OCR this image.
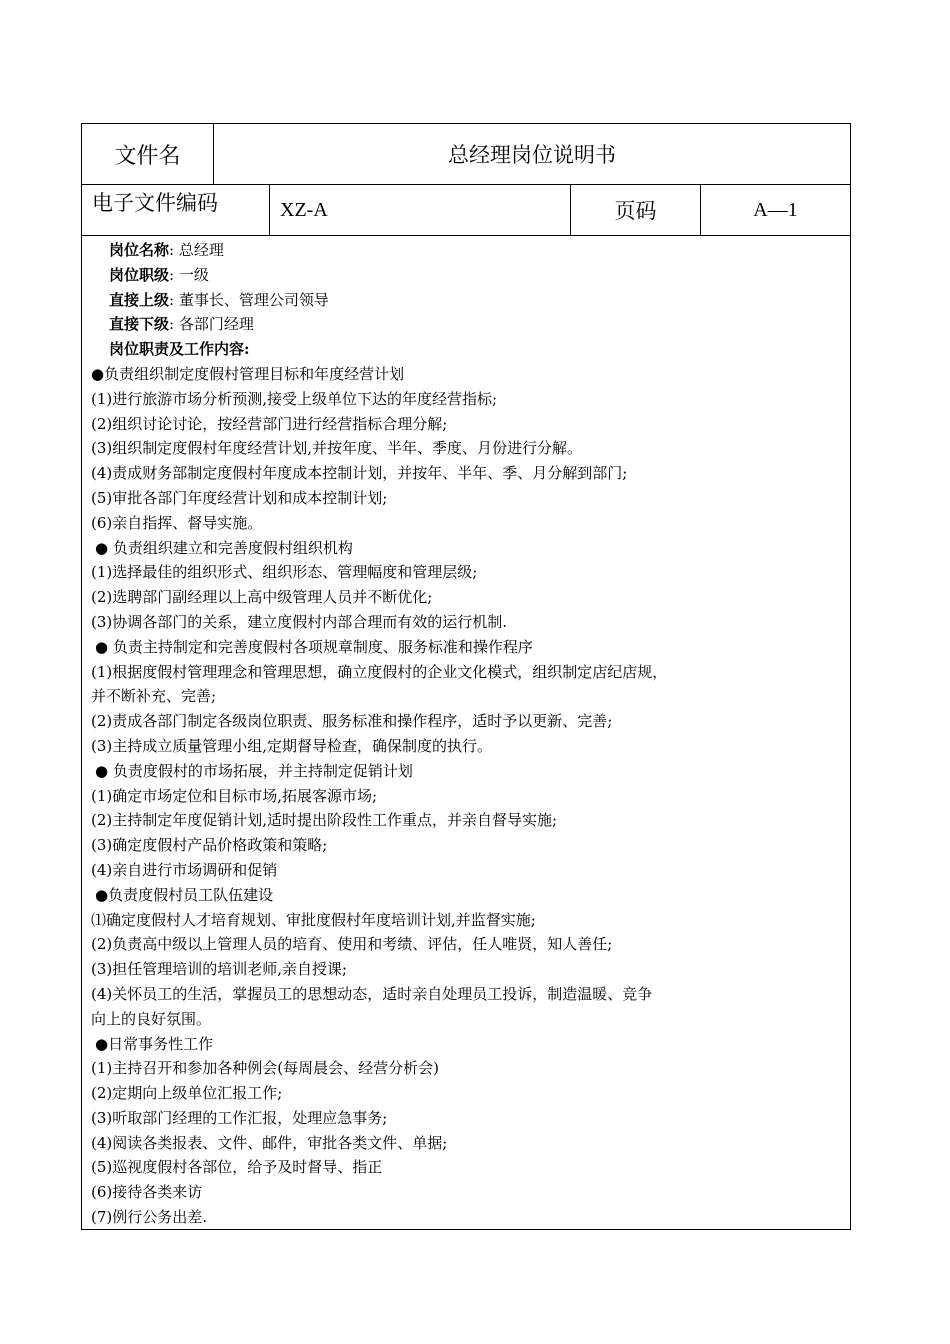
文件名	总经理岗位说明书
电子文件编码	XZ-A	页码	A—1
岗位名称: 总经理
岗位职级: 一级
直接上级: 董事长、管理公司领导
直接下级: 各部门经理
岗位职责及工作内容:
●负责组织制定度假村管理目标和年度经营计划
(1)进行旅游市场分析预测,接受上级单位下达的年度经营指标;
(2)组织讨论讨论，按经营部门进行经营指标合理分解;
(3)组织制定度假村年度经营计划,并按年度、半年、季度、月份进行分解。
(4)责成财务部制定度假村年度成本控制计划，并按年、半年、季、月分解到部门;
(5)审批各部门年度经营计划和成本控制计划;
(6)亲自指挥、督导实施。
● 负责组织建立和完善度假村组织机构
(1)选择最佳的组织形式、组织形态、管理幅度和管理层级;
(2)选聘部门副经理以上高中级管理人员并不断优化;
(3)协调各部门的关系，建立度假村内部合理而有效的运行机制.
● 负责主持制定和完善度假村各项规章制度、服务标准和操作程序
(1)根据度假村管理理念和管理思想，确立度假村的企业文化模式，组织制定店纪店规，
并不断补充、完善;
(2)责成各部门制定各级岗位职责、服务标准和操作程序，适时予以更新、完善;
(3)主持成立质量管理小组,定期督导检查，确保制度的执行。
● 负责度假村的市场拓展，并主持制定促销计划
(1)确定市场定位和目标市场,拓展客源市场;
(2)主持制定年度促销计划,适时提出阶段性工作重点，并亲自督导实施;
(3)确定度假村产品价格政策和策略;
(4)亲自进行市场调研和促销
●负责度假村员工队伍建设
⑴确定度假村人才培育规划、审批度假村年度培训计划,并监督实施;
(2)负责高中级以上管理人员的培育、使用和考绩、评估，任人唯贤，知人善任;
(3)担任管理培训的培训老师,亲自授课;
(4)关怀员工的生活，掌握员工的思想动态，适时亲自处理员工投诉，制造温暖、竞争
向上的良好氛围。
●日常事务性工作
(1)主持召开和参加各种例会(每周晨会、经营分析会)
(2)定期向上级单位汇报工作;
(3)听取部门经理的工作汇报，处理应急事务;
(4)阅读各类报表、文件、邮件，审批各类文件、单据;
(5)巡视度假村各部位，给予及时督导、指正
(6)接待各类来访
(7)例行公务出差.
